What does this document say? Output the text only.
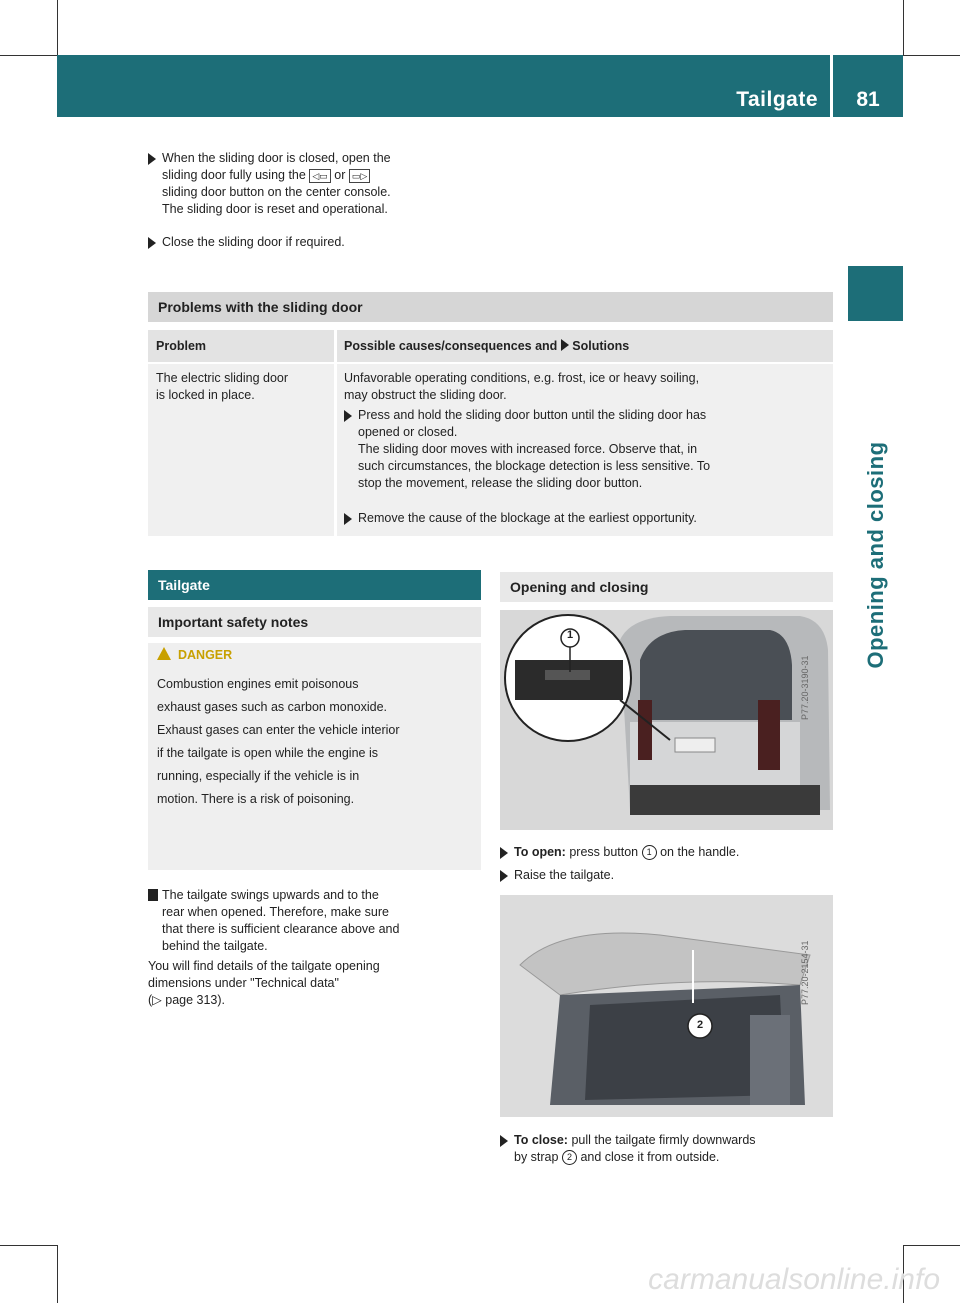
Tailgate	81
Opening and closing
When the sliding door is closed, open the
sliding door fully using the ◁▭ or ▭▷
sliding door button on the center console.
The sliding door is reset and operational.
Close the sliding door if required.
Problems with the sliding door
Problem	Possible causes/consequences and Solutions
The electric sliding door
is locked in place.
Unfavorable operating conditions, e.g. frost, ice or heavy soiling,
may obstruct the sliding door.
Press and hold the sliding door button until the sliding door has
opened or closed.
The sliding door moves with increased force. Observe that, in
such circumstances, the blockage detection is less sensitive. To
stop the movement, release the sliding door button.
Remove the cause of the blockage at the earliest opportunity.
Tailgate
Important safety notes
DANGER
Combustion engines emit poisonous
exhaust gases such as carbon monoxide.
Exhaust gases can enter the vehicle interior
if the tailgate is open while the engine is
running, especially if the vehicle is in
motion. There is a risk of poisoning.
The tailgate swings upwards and to the
rear when opened. Therefore, make sure
that there is sufficient clearance above and
behind the tailgate.
You will find details of the tailgate opening
dimensions under "Technical data"
(▷ page 313).
Opening and closing
1
P77.20-3190-31
To open: press button 1 on the handle.
Raise the tailgate.
2
P77.20-2154-31
To close: pull the tailgate firmly downwards
by strap 2 and close it from outside.
carmanualsonline.info
